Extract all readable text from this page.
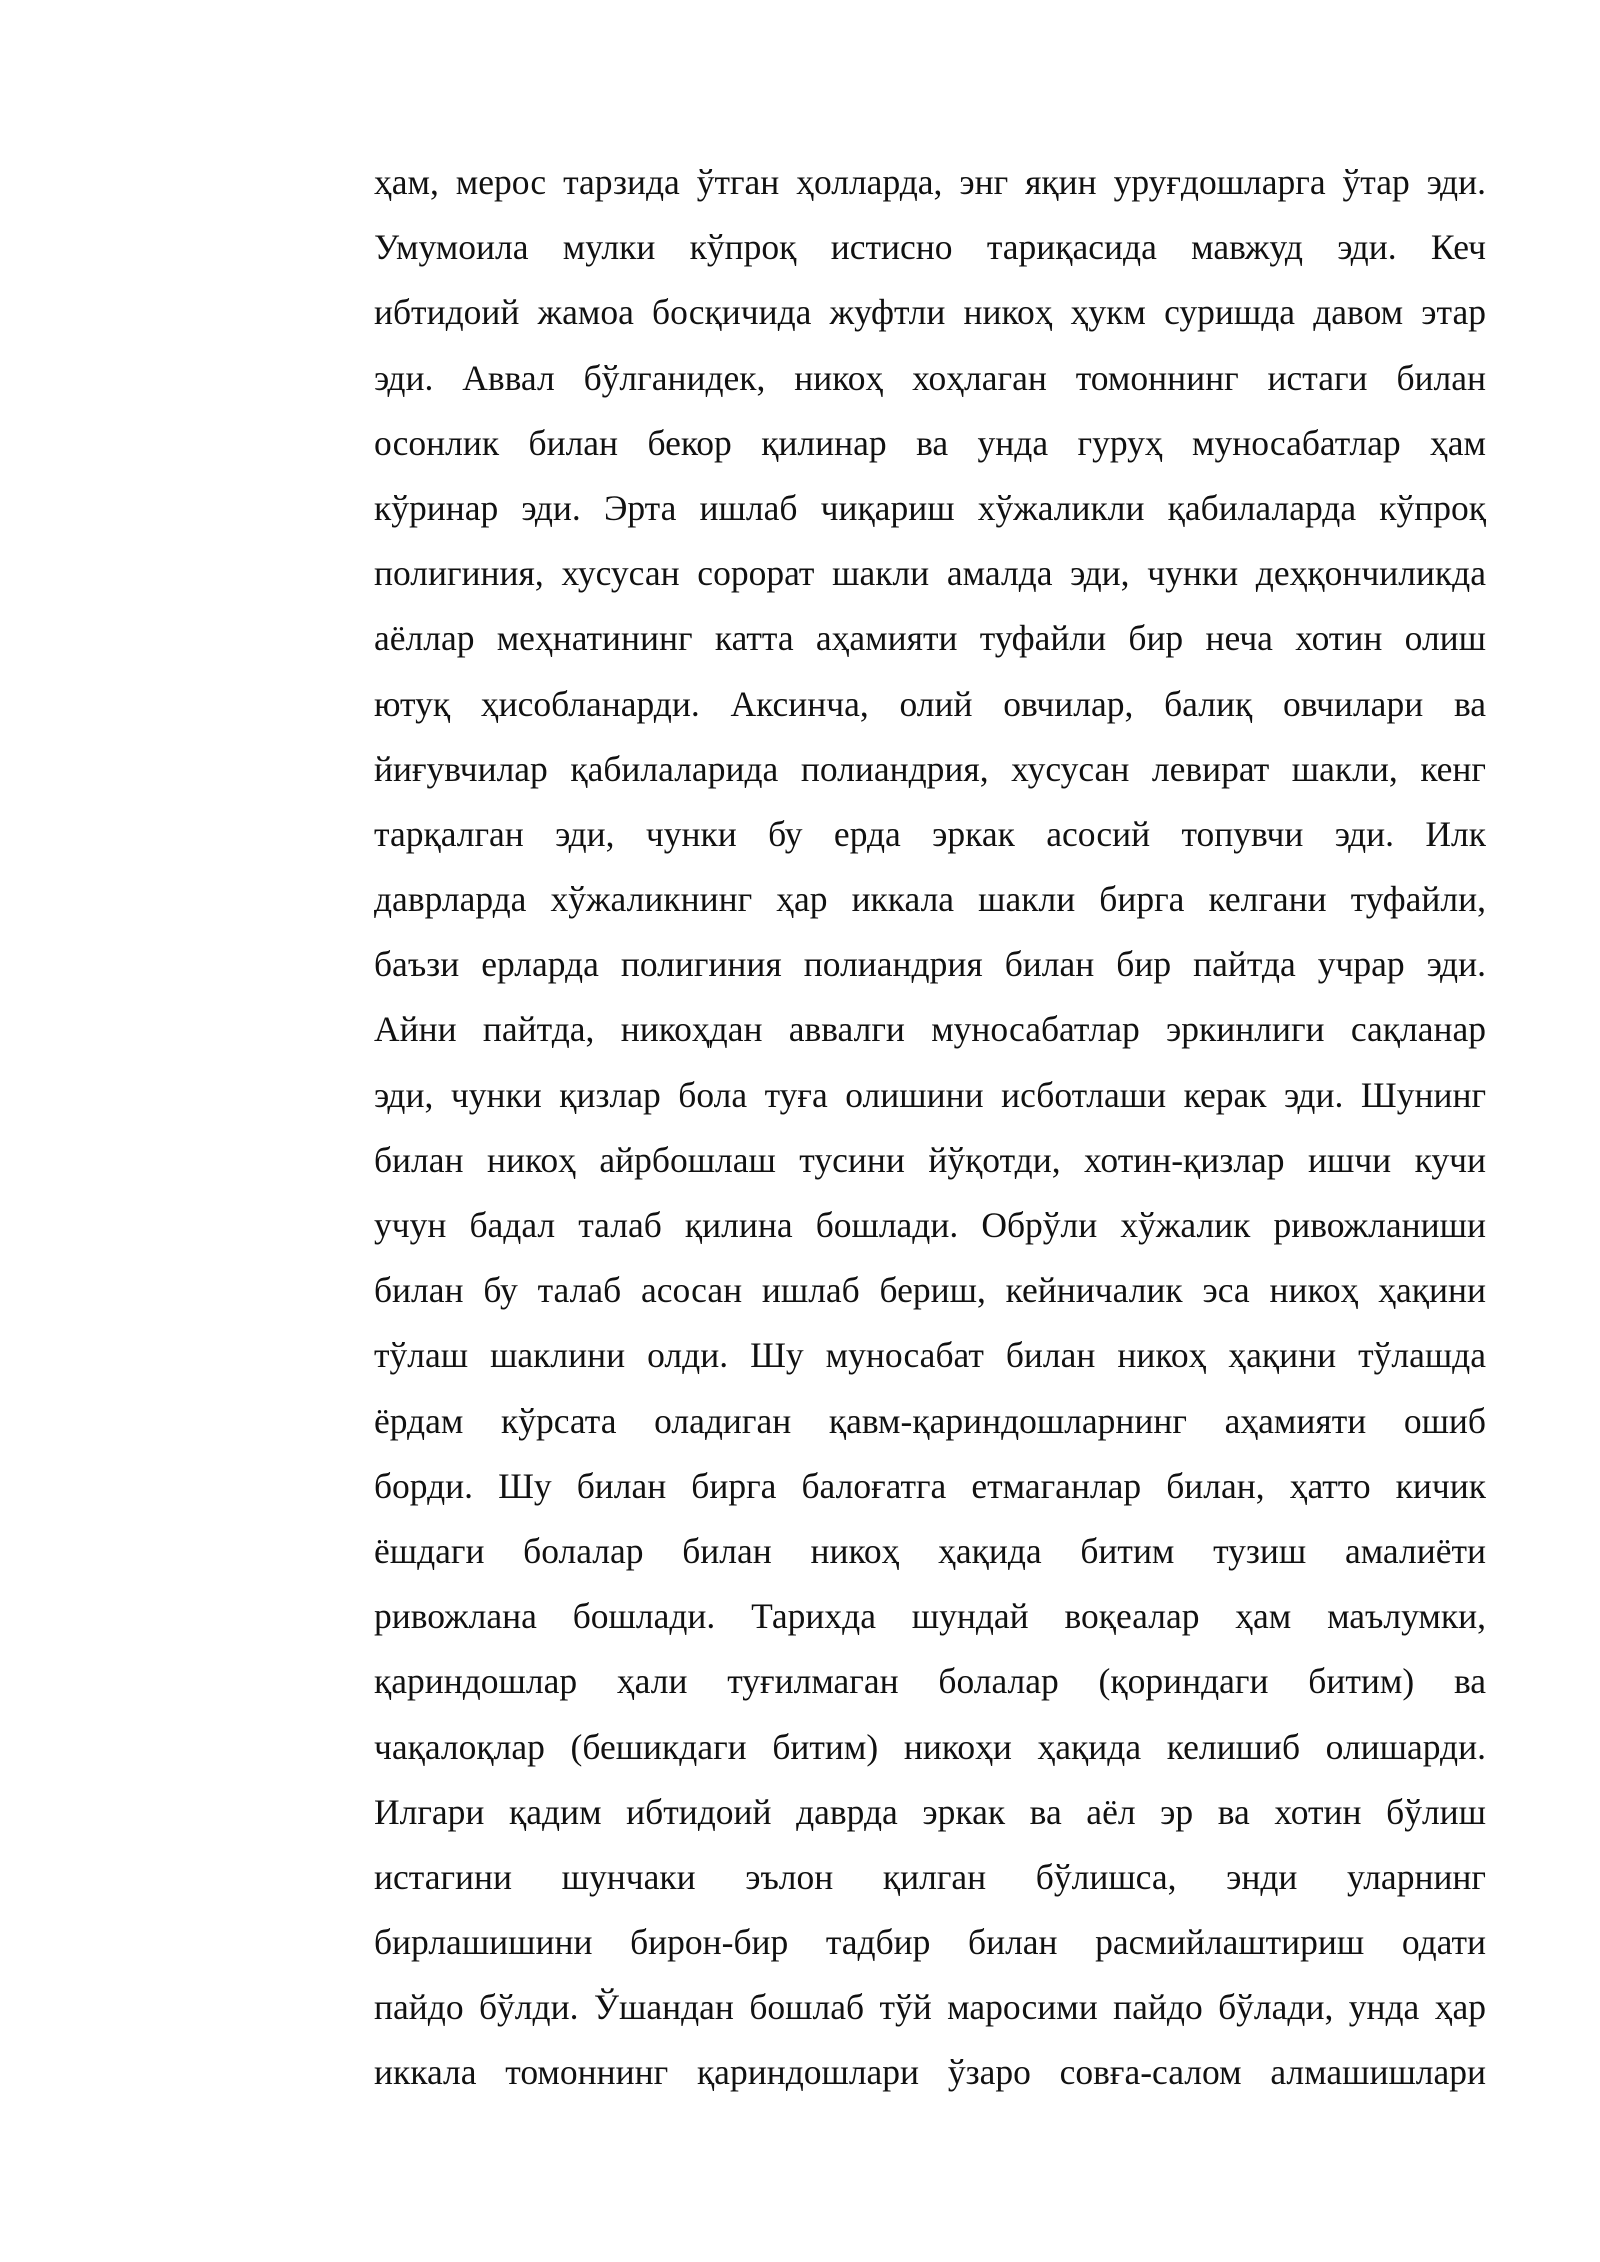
ҳам, мерос тарзида ўтган ҳолларда, энг яқин уруғдошларга ўтар эди.
Умумоила мулки кўпроқ истисно тариқасида мавжуд эди. Кеч
ибтидоий жамоа босқичида жуфтли никоҳ ҳукм суришда давом этар
эди. Аввал бўлганидек, никоҳ хоҳлаган томоннинг истаги билан
осонлик билан бекор қилинар ва унда гуруҳ муносабатлар ҳам
кўринар эди. Эрта ишлаб чиқариш хўжаликли қабилаларда кўпроқ
полигиния, хусусан сорорат шакли амалда эди, чунки деҳқончиликда
аёллар меҳнатининг катта аҳамияти туфайли бир неча хотин олиш
ютуқ ҳисобланарди. Аксинча, олий овчилар, балиқ овчилари ва
йиғувчилар қабилаларида полиандрия, хусусан левират шакли, кенг
тарқалган эди, чунки бу ерда эркак асосий топувчи эди. Илк
даврларда хўжаликнинг ҳар иккала шакли бирга келгани туфайли,
баъзи ерларда полигиния полиандрия билан бир пайтда учрар эди.
Айни пайтда, никоҳдан аввалги муносабатлар эркинлиги сақланар
эди, чунки қизлар бола туға олишини исботлаши керак эди. Шунинг
билан никоҳ айрбошлаш тусини йўқотди, хотин-қизлар ишчи кучи
учун бадал талаб қилина бошлади. Обрўли хўжалик ривожланиши
билан бу талаб асосан ишлаб бериш, кейничалик эса никоҳ ҳақини
тўлаш шаклини олди. Шу муносабат билан никоҳ ҳақини тўлашда
ёрдам кўрсата оладиган қавм-қариндошларнинг аҳамияти ошиб
борди. Шу билан бирга балоғатга етмаганлар билан, ҳатто кичик
ёшдаги болалар билан никоҳ ҳақида битим тузиш амалиёти
ривожлана бошлади. Тарихда шундай воқеалар ҳам маълумки,
қариндошлар ҳали туғилмаган болалар (қориндаги битим) ва
чақалоқлар (бешикдаги битим) никоҳи ҳақида келишиб олишарди.
Илгари қадим ибтидоий даврда эркак ва аёл эр ва хотин бўлиш
истагини шунчаки эълон қилган бўлишса, энди уларнинг
бирлашишини бирон-бир тадбир билан расмийлаштириш одати
пайдо бўлди. Ўшандан бошлаб тўй маросими пайдо бўлади, унда ҳар
иккала томоннинг қариндошлари ўзаро совға-салом алмашишлари
